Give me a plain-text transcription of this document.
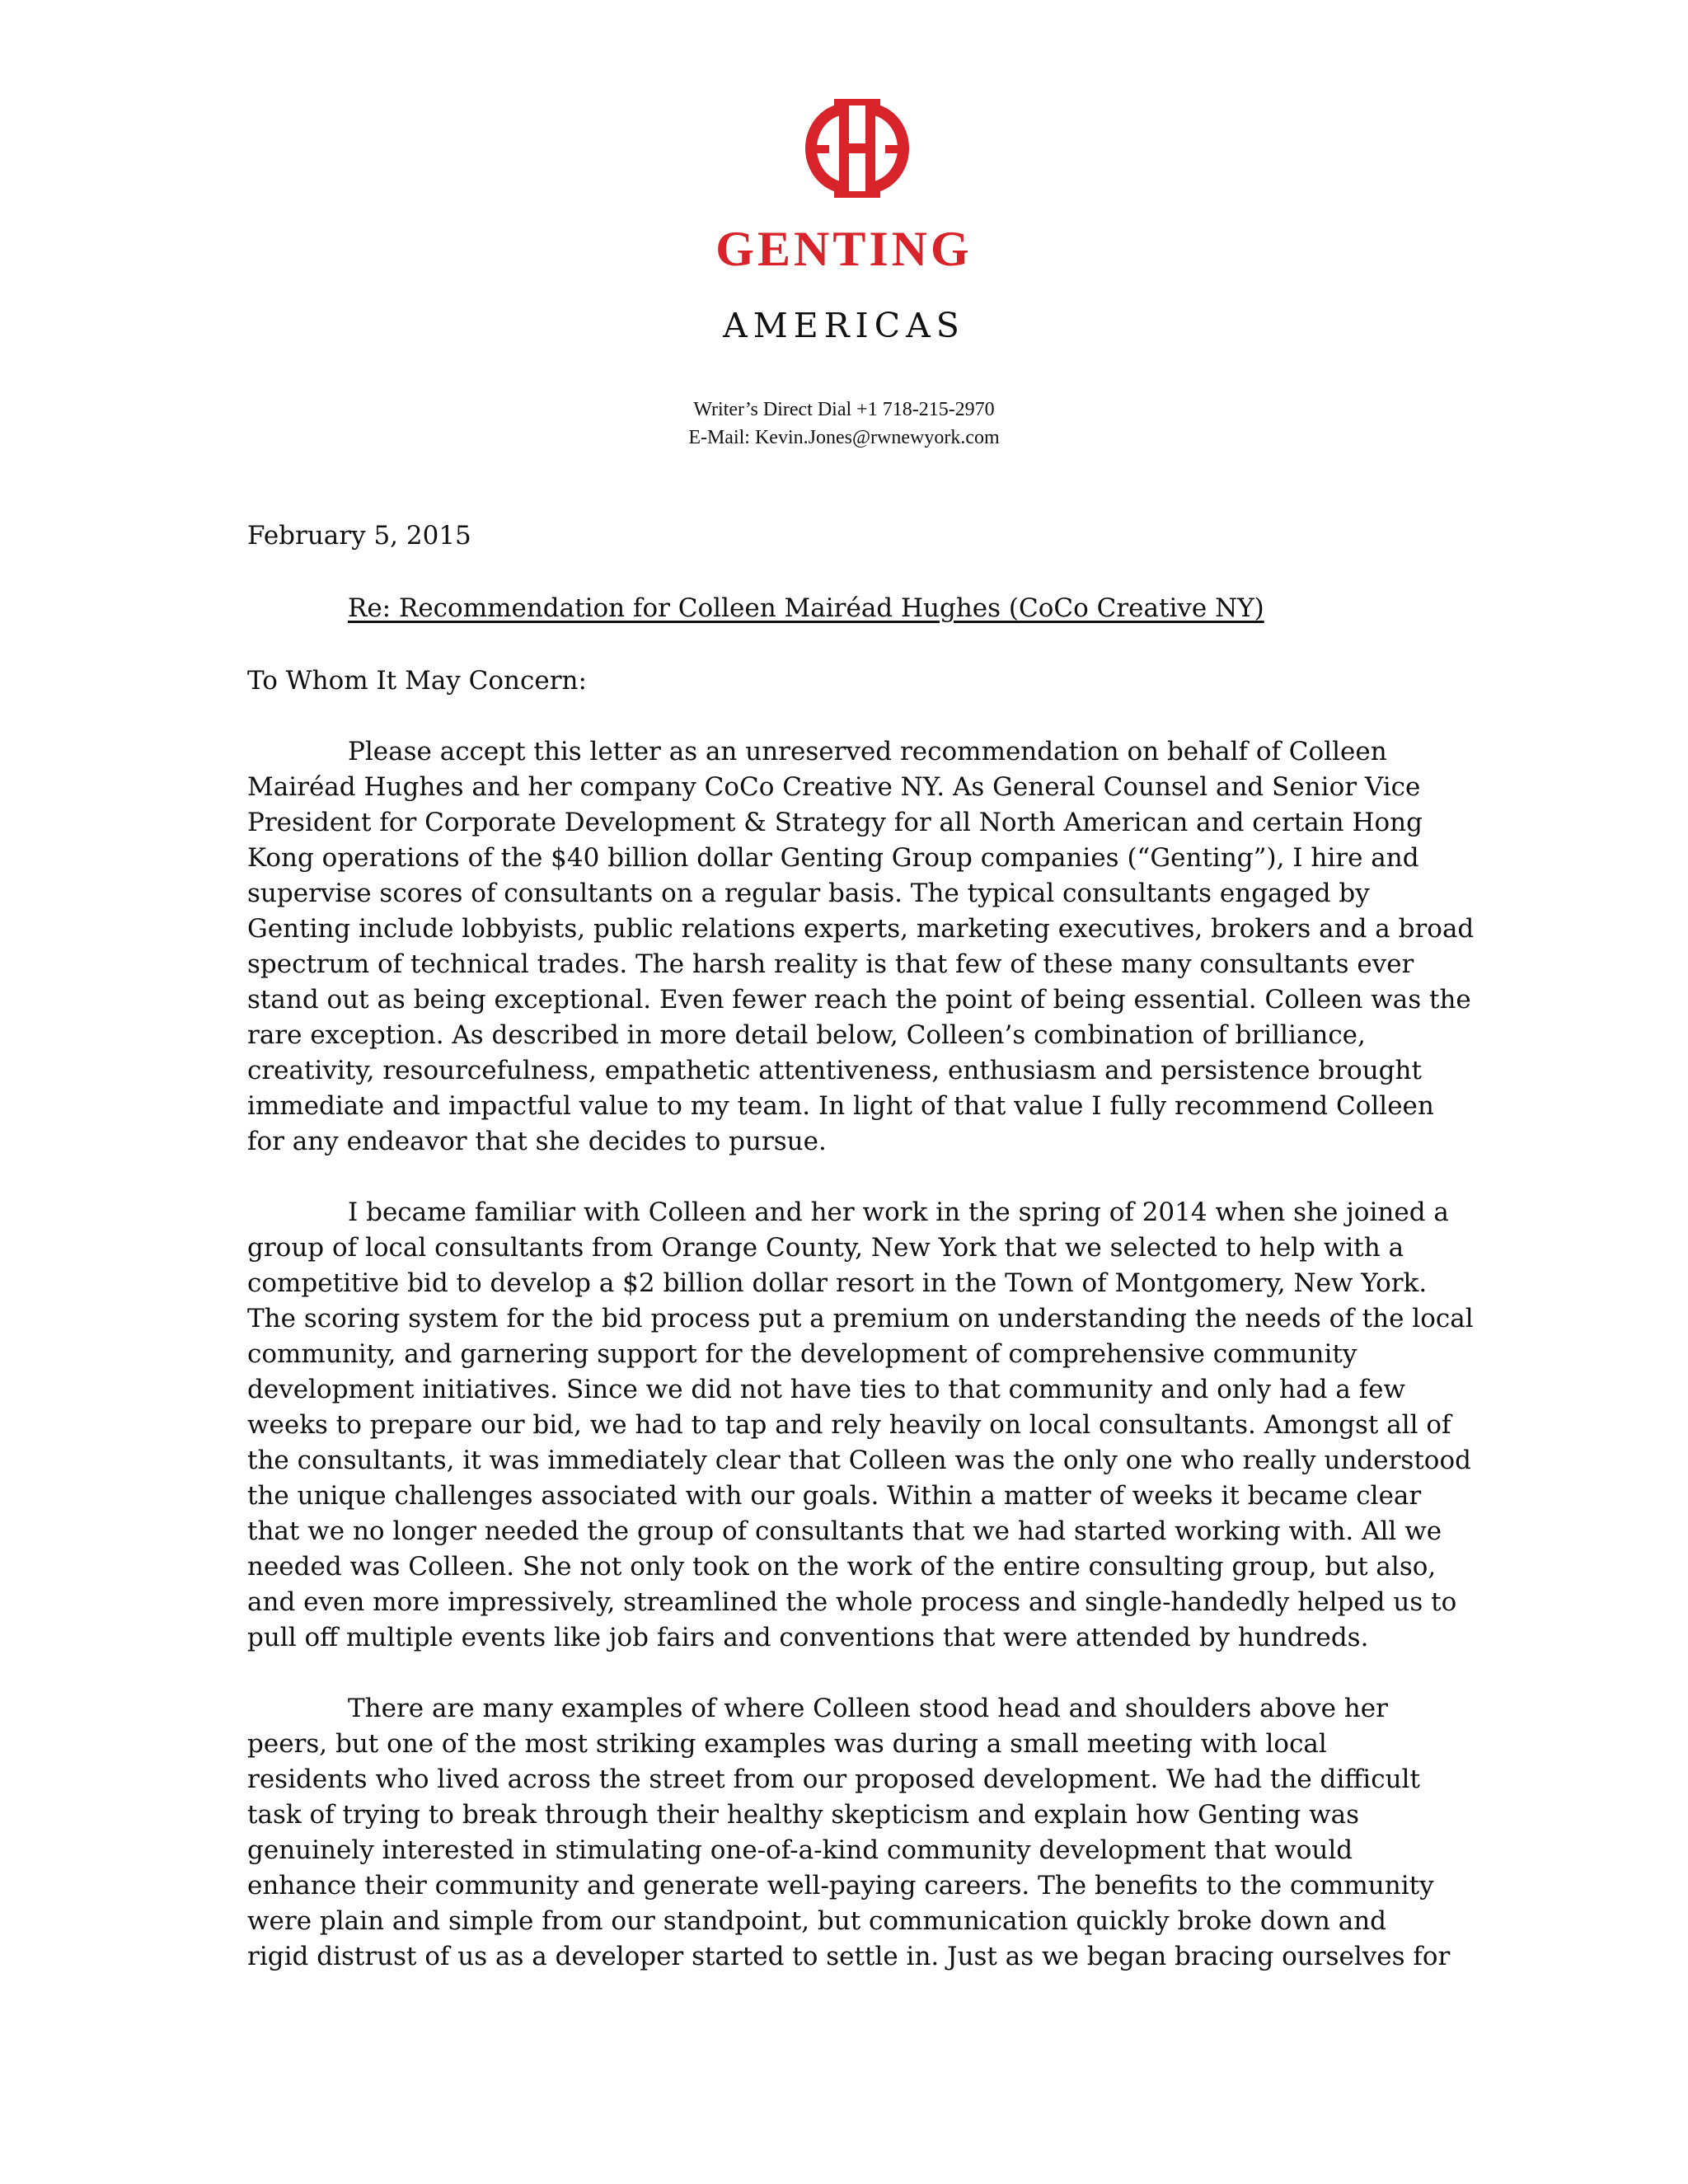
GENTING
AMERICAS
Writer’s Direct Dial +1 718-215-2970
E-Mail: Kevin.Jones@rwnewyork.com
February 5, 2015
Re: Recommendation for Colleen Mairéad Hughes (CoCo Creative NY)
To Whom It May Concern:
Please accept this letter as an unreserved recommendation on behalf of Colleen
Mairéad Hughes and her company CoCo Creative NY. As General Counsel and Senior Vice
President for Corporate Development & Strategy for all North American and certain Hong
Kong operations of the $40 billion dollar Genting Group companies (“Genting”), I hire and
supervise scores of consultants on a regular basis. The typical consultants engaged by
Genting include lobbyists, public relations experts, marketing executives, brokers and a broad
spectrum of technical trades. The harsh reality is that few of these many consultants ever
stand out as being exceptional. Even fewer reach the point of being essential. Colleen was the
rare exception. As described in more detail below, Colleen’s combination of brilliance,
creativity, resourcefulness, empathetic attentiveness, enthusiasm and persistence brought
immediate and impactful value to my team. In light of that value I fully recommend Colleen
for any endeavor that she decides to pursue.
I became familiar with Colleen and her work in the spring of 2014 when she joined a
group of local consultants from Orange County, New York that we selected to help with a
competitive bid to develop a $2 billion dollar resort in the Town of Montgomery, New York.
The scoring system for the bid process put a premium on understanding the needs of the local
community, and garnering support for the development of comprehensive community
development initiatives. Since we did not have ties to that community and only had a few
weeks to prepare our bid, we had to tap and rely heavily on local consultants. Amongst all of
the consultants, it was immediately clear that Colleen was the only one who really understood
the unique challenges associated with our goals. Within a matter of weeks it became clear
that we no longer needed the group of consultants that we had started working with. All we
needed was Colleen. She not only took on the work of the entire consulting group, but also,
and even more impressively, streamlined the whole process and single-handedly helped us to
pull off multiple events like job fairs and conventions that were attended by hundreds.
There are many examples of where Colleen stood head and shoulders above her
peers, but one of the most striking examples was during a small meeting with local
residents who lived across the street from our proposed development. We had the difficult
task of trying to break through their healthy skepticism and explain how Genting was
genuinely interested in stimulating one-of-a-kind community development that would
enhance their community and generate well-paying careers. The benefits to the community
were plain and simple from our standpoint, but communication quickly broke down and
rigid distrust of us as a developer started to settle in. Just as we began bracing ourselves for
